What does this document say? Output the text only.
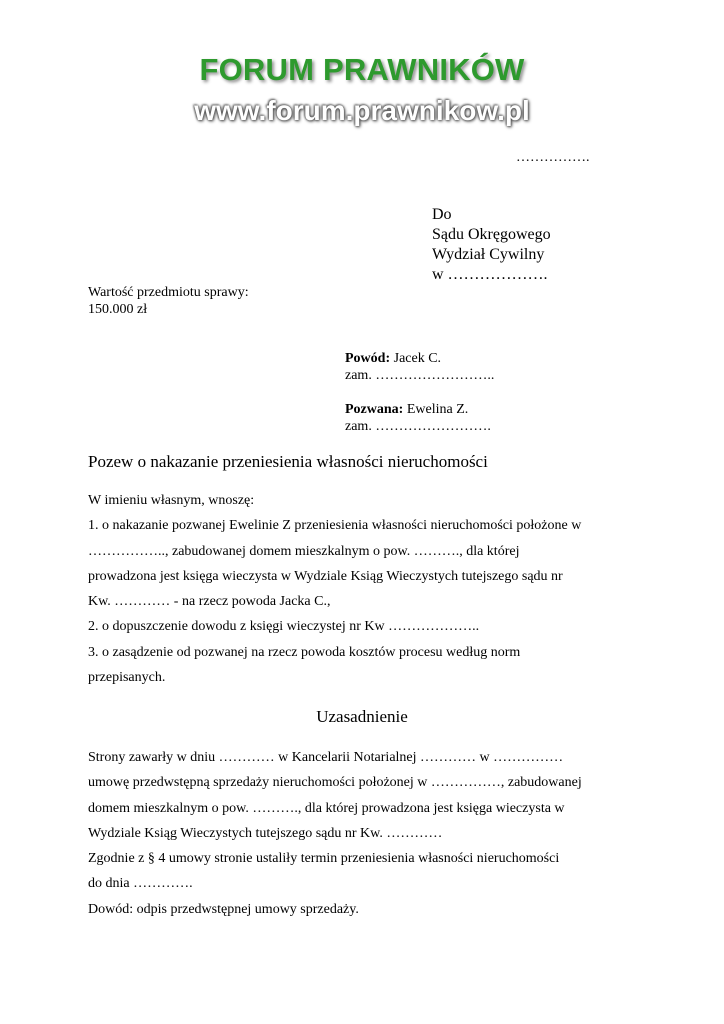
FORUM PRAWNIKÓW
www.forum.prawnikow.pl
…………….

Do

Sądu Okręgowego

Wydział Cywilny

w ……………….

Wartość przedmiotu sprawy:

150.000 zł

Powód: Jacek C.

zam. ……………………..

Pozwana: Ewelina Z.

zam. …………………….

Pozew o nakazanie przeniesienia własności nieruchomości

W imieniu własnym, wnoszę:

1. o nakazanie pozwanej Ewelinie Z przeniesienia własności nieruchomości położone w

…………….., zabudowanej domem mieszkalnym o pow. ………., dla której

prowadzona jest księga wieczysta w Wydziale Ksiąg Wieczystych tutejszego sądu nr

Kw. ………… - na rzecz powoda Jacka C.,

2. o dopuszczenie dowodu z księgi wieczystej nr Kw ………………..

3. o zasądzenie od pozwanej na rzecz powoda kosztów procesu według norm

przepisanych.

Uzasadnienie

Strony zawarły w dniu ………… w Kancelarii Notarialnej ………… w ……………

umowę przedwstępną sprzedaży nieruchomości położonej w ……………, zabudowanej

domem mieszkalnym o pow. ………., dla której prowadzona jest księga wieczysta w

Wydziale Ksiąg Wieczystych tutejszego sądu nr Kw. …………

Zgodnie z § 4 umowy stronie ustaliły termin przeniesienia własności nieruchomości

do dnia ………….

Dowód: odpis przedwstępnej umowy sprzedaży.
